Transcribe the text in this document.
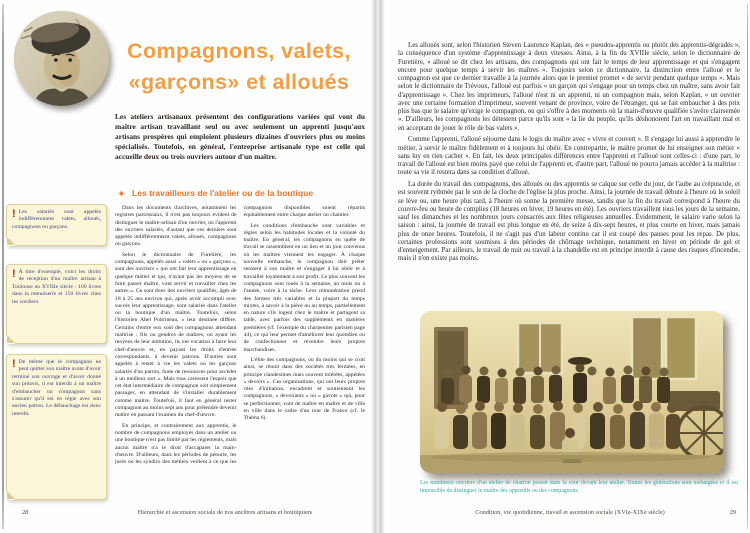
Compagnons, valets,
«garçons» et alloués

Les ateliers artisanaux présentent des configurations variées qui vont du maître artisan travaillant seul ou avec seulement un apprenti jusqu'aux artisans prospères qui emploient plusieurs dizaines d'ouvriers plus ou moins spécialisés. Toutefois, en général, l'entreprise artisanale type est celle qui accueille deux ou trois ouvriers autour d'un maître.

Les travailleurs de l'atelier ou de la boutique

Dans les documents d'archives, notamment les registres paroissiaux, il n'est pas toujours évident de distinguer le maître-artisan d'un ouvrier, ou l'apprenti des ouvriers salariés, d'autant que ces derniers sont appelés indifféremment valets, alloués, compagnons ou garçons.

Selon le dictionnaire de Furetière, les compagnons, appelés aussi « valets » ou « garçons », sont des ouvriers « qui ont fait leur apprentissage en quelque métier et qui, n'ayant pas les moyens de se faire passer maître, vont servir et travailler chez les autres ». Ce sont donc des ouvriers qualifiés, âgés de 18 à 25 ans environ qui, après avoir accompli avec succès leur apprentissage, sont salariés dans l'atelier ou la boutique d'un maître. Toutefois, selon l'historien Abel Poitrineau, « leur destinée diffère. Certains d'entre eux sont des compagnons attendant maîtrise : fils ou gendres de maîtres, ou ayant les moyens de leur ambition, ils ont vocation à faire leur chef-d'œuvre et, en payant les droits d'entrée correspondants, à devenir patrons. D'autres sont appelés à rester à vie les valets ou les garçons salariés d'un patron, faute de ressources pour accéder à un meilleur sort ». Mais tous caressent l'espoir que cet état intermédiaire de compagnon soit simplement passager, en attendant de s'installer durablement comme maître. Toutefois, il faut en général rester compagnon au moins sept ans pour prétendre devenir maître en passant l'examen du chef-d'œuvre.

En principe, et contrairement aux apprentis, le nombre de compagnons employés dans un atelier ou une boutique n'est pas limité par les règlements, mais aucun maître n'a le droit d'accaparer la main-d'œuvre. D'ailleurs, dans les périodes de pénurie, les jurés ou les syndics des métiers veillent à ce que les compagnons disponibles soient répartis équitablement entre chaque atelier ou chantier.

Les conditions d'embauche sont variables et régies selon les habitudes locales et la volonté du maître. En général, les compagnons en quête de travail se rassemblent en un lieu et un jour convenus où les maîtres viennent les engager. À chaque nouvelle embauche, le compagnon doit prêter serment à son maître et s'engager à lui obéir et à travailler loyalement à son profit. Le plus souvent les compagnons sont loués à la semaine, au mois ou à l'année, voire à la tâche. Leur rémunération prend des formes très variables et la plupart du temps mixtes, à savoir à la pièce ou au temps, partiellement en nature s'ils logent chez le maître et partagent sa table, avec parfois des suppléments en matières premières (cf. l'exemple du charpentier parisien page 44), ce qui leur permet d'améliorer leur quotidien ou de confectionner et revendre leurs propres marchandises.

L'élite des compagnons, ou du moins qui se croit ainsi, se réunit dans des sociétés très fermées, en principe clandestines mais souvent tolérées, appelées « devoirs ». Ces organisations, qui ont leurs propres rites d'initiation, encadrent et soutiennent les compagnons, « devoirants » ou « gavots » qui, pour se perfectionner, vont de maître en maître et de ville en ville dans le cadre d'un tour de France (cf. le Théma 6).

! Les salariés sont appelés indifféremment valets, alloués, compagnons ou garçons.
! À titre d'exemple, voici les droits de réception d'un maître artisan à Toulouse au XVIIIe siècle : 100 livres dans la menuiserie et 150 livres chez les cordiers.
! De même que le compagnon ne peut quitter son maître avant d'avoir terminé son ouvrage et d'avoir donné son préavis, il est interdit à un maître d'embaucher un compagnon sans s'assurer qu'il est en règle avec son ancien patron. Le débauchage est donc interdit.
28	Hiérarchie et ascension sociale de nos ancêtres artisans et boutiquiers

Les alloués sont, selon l'historien Steven Laurence Kaplan, des « pseudos-apprentis ou plutôt des apprentis-dégradés », la conséquence d'un système d'apprentissage à deux vitesses. Ainsi, à la fin du XVIIIe siècle, selon le dictionnaire de Furetière, « alloué se dit chez les artisans, des compagnons qui ont fait le temps de leur apprentissage et qui s'engagent encore pour quelque temps à servir les maîtres ». Toujours selon ce dictionnaire, la distinction entre l'alloué et le compagnon est que ce dernier travaille à la journée alors que le premier promet « de servir pendant quelque temps ». Mais selon le dictionnaire de Trévoux, l'alloué est parfois « un garçon qui s'engage pour un temps chez un maître, sans avoir fait d'apprentissage ». Chez les imprimeurs, l'alloué n'est ni un apprenti, ni un compagnon mais, selon Kaplan, « un ouvrier avec une certaine formation d'imprimeur, souvent venant de province, voire de l'étranger, qui se fait embaucher à des prix plus bas que le salaire qu'exige le compagnon, ou qui s'offre à des moments où la main-d'œuvre qualifiée s'avère clairsemée ». D'ailleurs, les compagnons les détestent parce qu'ils sont « la lie du peuple, qu'ils déshonorent l'art en travaillant mal et en acceptant de jouer le rôle de bas valets ».

Comme l'apprenti, l'alloué séjourne dans le logis du maître avec « vivre et couvert ». Il s'engage lui aussi à apprendre le métier, à servir le maître fidèlement et à toujours lui obéir. En contrepartie, le maître promet de lui enseigner son métier « sans luy en rien cacher ». En fait, les deux principales différences entre l'apprenti et l'alloué sont celles-ci : d'une part, le travail de l'alloué est bien moins payé que celui de l'apprenti et, d'autre part, l'alloué ne pourra jamais accéder à la maîtrise : toute sa vie il restera dans sa condition d'alloué.

La durée du travail des compagnons, des alloués ou des apprentis se calque sur celle du jour, de l'aube au crépuscule, et est souvent rythmée par le son de la cloche de l'église la plus proche. Ainsi, la journée de travail débute à l'heure où le soleil se lève ou, une heure plus tard, à l'heure où sonne la première messe, tandis que la fin du travail correspond à l'heure du couvre-feu ou heure de complies (18 heures en hiver, 19 heures en été). Les ouvriers travaillent tous les jours de la semaine, sauf les dimanches et les nombreux jours consacrés aux fêtes religieuses annuelles. Évidemment, le salaire varie selon la saison : ainsi, la journée de travail est plus longue en été, de seize à dix-sept heures, et plus courte en hiver, mais jamais plus de onze heures. Toutefois, il ne s'agit pas d'un labeur continu car il est coupé des pauses pour les repas. De plus, certaines professions sont soumises à des périodes de chômage technique, notamment en hiver en période de gel et d'enneigement. Par ailleurs, le travail de nuit ou travail à la chandelle est en principe interdit à cause des risques d'incendie, mais il n'en existe pas moins.

Les nombreux ouvriers d'un atelier de charron posent dans la cour devant leur atelier. Toutes les générations sont mélangées et il est impossible de distinguer le maître des apprentis ou des compagnons.
Condition, vie quotidienne, travail et ascension sociale (XVIe-XIXe siècle)	29
